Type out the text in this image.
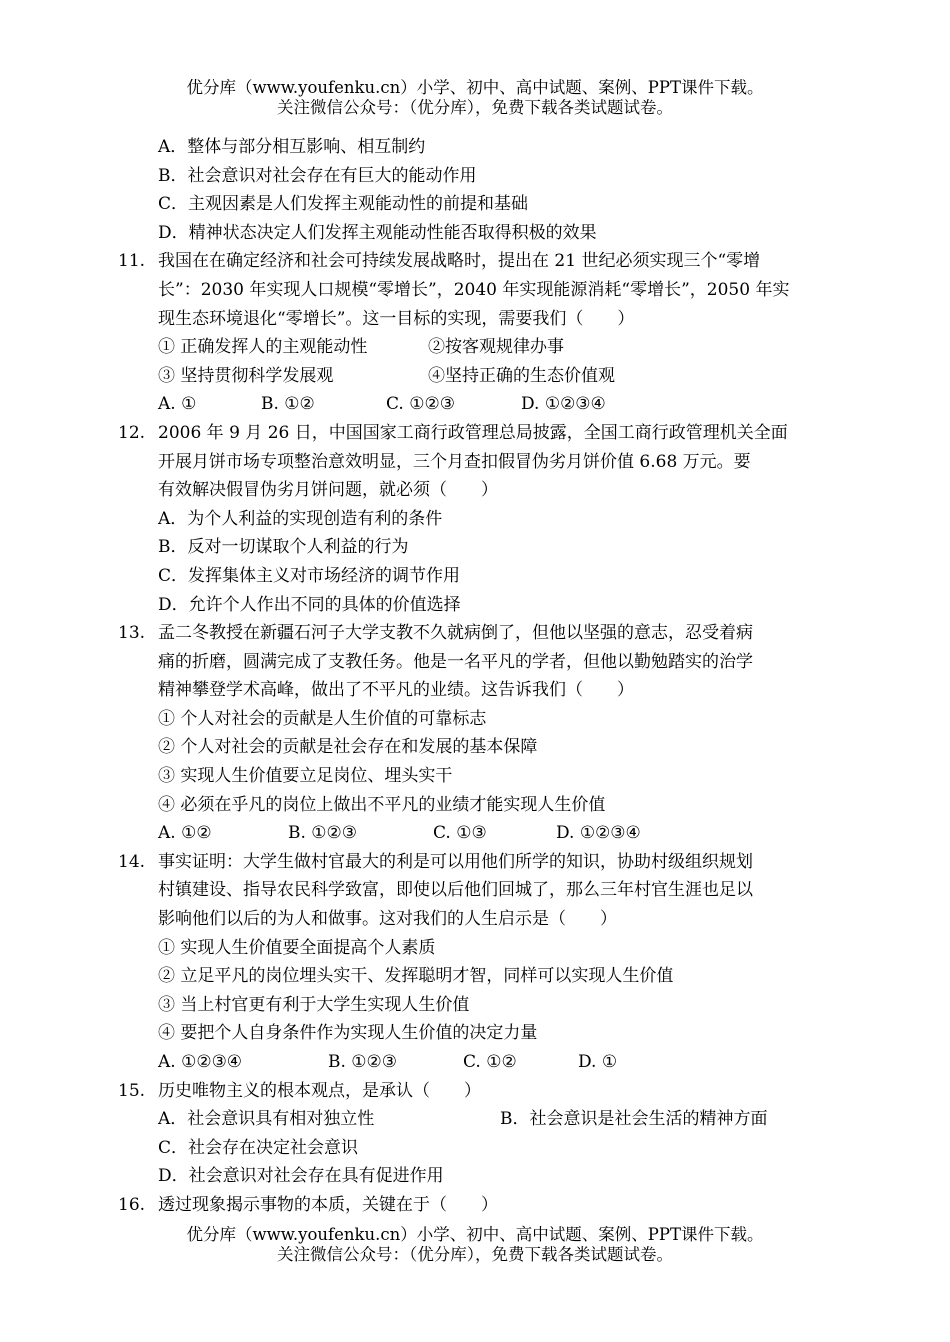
优分库（www.youfenku.cn）小学、初中、高中试题、案例、PPT课件下载。
关注微信公众号：（优分库），免费下载各类试题试卷。
A．整体与部分相互影响、相互制约
B．社会意识对社会存在有巨大的能动作用
C．主观因素是人们发挥主观能动性的前提和基础
D．精神状态决定人们发挥主观能动性能否取得积极的效果
11. 我国在在确定经济和社会可持续发展战略时，提出在 21 世纪必须实现三个“零增
长”：2030 年实现人口规模“零增长”，2040 年实现能源消耗“零增长”，2050 年实
现生态环境退化“零增长”。这一目标的实现，需要我们（　　）
① 正确发挥人的主观能动性	②按客观规律办事
③ 坚持贯彻科学发展观	④坚持正确的生态价值观
A. ①	B. ①②	C. ①②③	D. ①②③④
12. 2006 年 9 月 26 日，中国国家工商行政管理总局披露，全国工商行政管理机关全面
开展月饼市场专项整治意效明显，三个月查扣假冒伪劣月饼价值 6.68 万元。要
有效解决假冒伪劣月饼问题，就必须（　　）
A．为个人利益的实现创造有利的条件
B．反对一切谋取个人利益的行为
C．发挥集体主义对市场经济的调节作用
D．允许个人作出不同的具体的价值选择
13. 孟二冬教授在新疆石河子大学支教不久就病倒了，但他以坚强的意志，忍受着病
痛的折磨，圆满完成了支教任务。他是一名平凡的学者，但他以勤勉踏实的治学
精神攀登学术高峰，做出了不平凡的业绩。这告诉我们（　　）
① 个人对社会的贡献是人生价值的可靠标志
② 个人对社会的贡献是社会存在和发展的基本保障
③ 实现人生价值要立足岗位、埋头实干
④ 必须在乎凡的岗位上做出不平凡的业绩才能实现人生价值
A. ①②	B. ①②③	C. ①③	D. ①②③④
14. 事实证明：大学生做村官最大的利是可以用他们所学的知识，协助村级组织规划
村镇建设、指导农民科学致富，即使以后他们回城了，那么三年村官生涯也足以
影响他们以后的为人和做事。这对我们的人生启示是（　　）
① 实现人生价值要全面提高个人素质
② 立足平凡的岗位埋头实干、发挥聪明才智，同样可以实现人生价值
③ 当上村官更有利于大学生实现人生价值
④ 要把个人自身条件作为实现人生价值的决定力量
A. ①②③④	B. ①②③	C. ①②	D. ①
15. 历史唯物主义的根本观点，是承认（　　）
A．社会意识具有相对独立性	B．社会意识是社会生活的精神方面
C．社会存在决定社会意识
D．社会意识对社会存在具有促进作用
16. 透过现象揭示事物的本质，关键在于（　　）
优分库（www.youfenku.cn）小学、初中、高中试题、案例、PPT课件下载。
关注微信公众号：（优分库），免费下载各类试题试卷。
